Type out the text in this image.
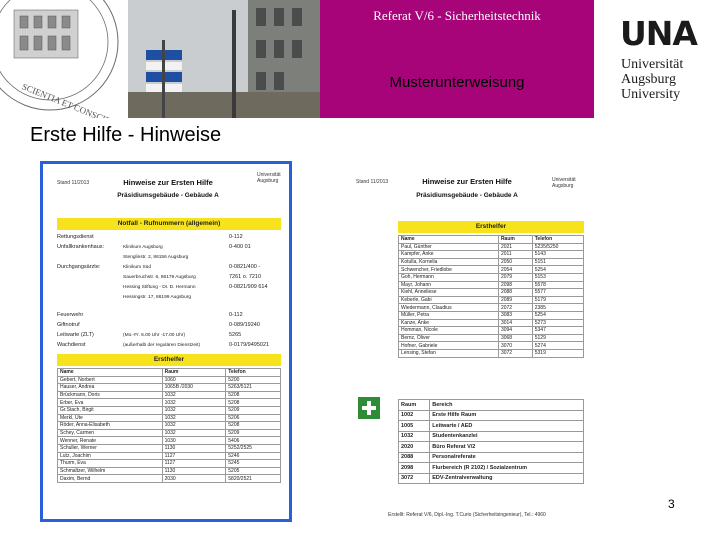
SCIENTIA ET CONSCIENT
Referat V/6 - Sicherheitstechnik
Musterunterweisung
UNA
Universität
Augsburg
University
Erste Hilfe - Hinweise
Stand 11/2013	Hinweise zur Ersten Hilfe
Präsidiumsgebäude - Gebäude A
Universität Augsburg
Notfall - Rufnummern (allgemein)
Rettungsdienst	0-112
Unfallkrankenhaus:	Klinikum Augsburg	0-400 01
Stenglinstr. 2, 86156 Augsburg
Durchgangsärzte:	Klinikum Süd	0-0821/400 -
Sauerbruchstr. 6, 86179 Augsburg	7261 o. 7210
Hessing Stiftung - Dr. D. Hermann	0-0821/909 614
Hessingstr. 17, 86199 Augsburg
Feuerwehr	0-112
Giftnotruf	0-089/19240
Leitwarte (ZLT)	(Mo.-Fr. 6.00 Uhr -17.00 Uhr)	5265
Wachdienst	(außerhalb der regulären Dienstzeit)	0-0179/9495021
Ersthelfer
Name	Raum	Telefon
Gebert, Norbert	1060	5200
Hauser, Andrea	1065B /2030	5263/5121
Brückmann, Doris	1032	5208
Erber, Eva	1032	5208
Gr.Stach, Birgit	1032	5209
Merkl, Ute	1032	5206
Röder, Anna-Elisabeth	1032	5208
Schey, Carmen	1032	5209
Wenner, Renate	1030	5406
Schuller, Werner	1130	5252/2525
Lutz, Joachim	1127	5246
Thurm, Eva	1127	5245
Schmaltzer, Wilhelm	1130	5205
Daxim, Bernd	2030	5820/2521
Stand 11/2013	Hinweise zur Ersten Hilfe
Präsidiumsgebäude - Gebäude A
Universität Augsburg
Ersthelfer
Name	Raum	Telefon
Paul, Günther	2021	5235/5250
Kampfer, Anke	2011	5143
Kotulla, Kornelia	2050	5151
Schwencher, Friedlobe	2054	5254
Goh, Hermann	2079	5153
Mayr, Johann	2098	5578
Kiehl, Anneliese	2088	5577
Keberle, Gabi	2089	5179
Wiedermann, Claudius	2072	2385
Müller, Petra	3083	5254
Kanze, Anke	3014	5273
Homman, Nicole	3094	5347
Bernz, Oliver	3068	5129
Hofner, Gabriele	3070	5274
Lensing, Stefan	3072	5319
Raum	Bereich
1002	Erste Hilfe Raum
1005	Leitwarte / AED
1032	Studentenkanzlei
2020	Büro Referat V/2
2088	Personalreferate
2098	Flurbereich (R 2102) / Sozialzentrum
3072	EDV-Zentralverwaltung
Erstellt: Referat V/6, Dipl.-Ing. T.Curio (Sicherheitsingenieur), Tel.: 4960
3
